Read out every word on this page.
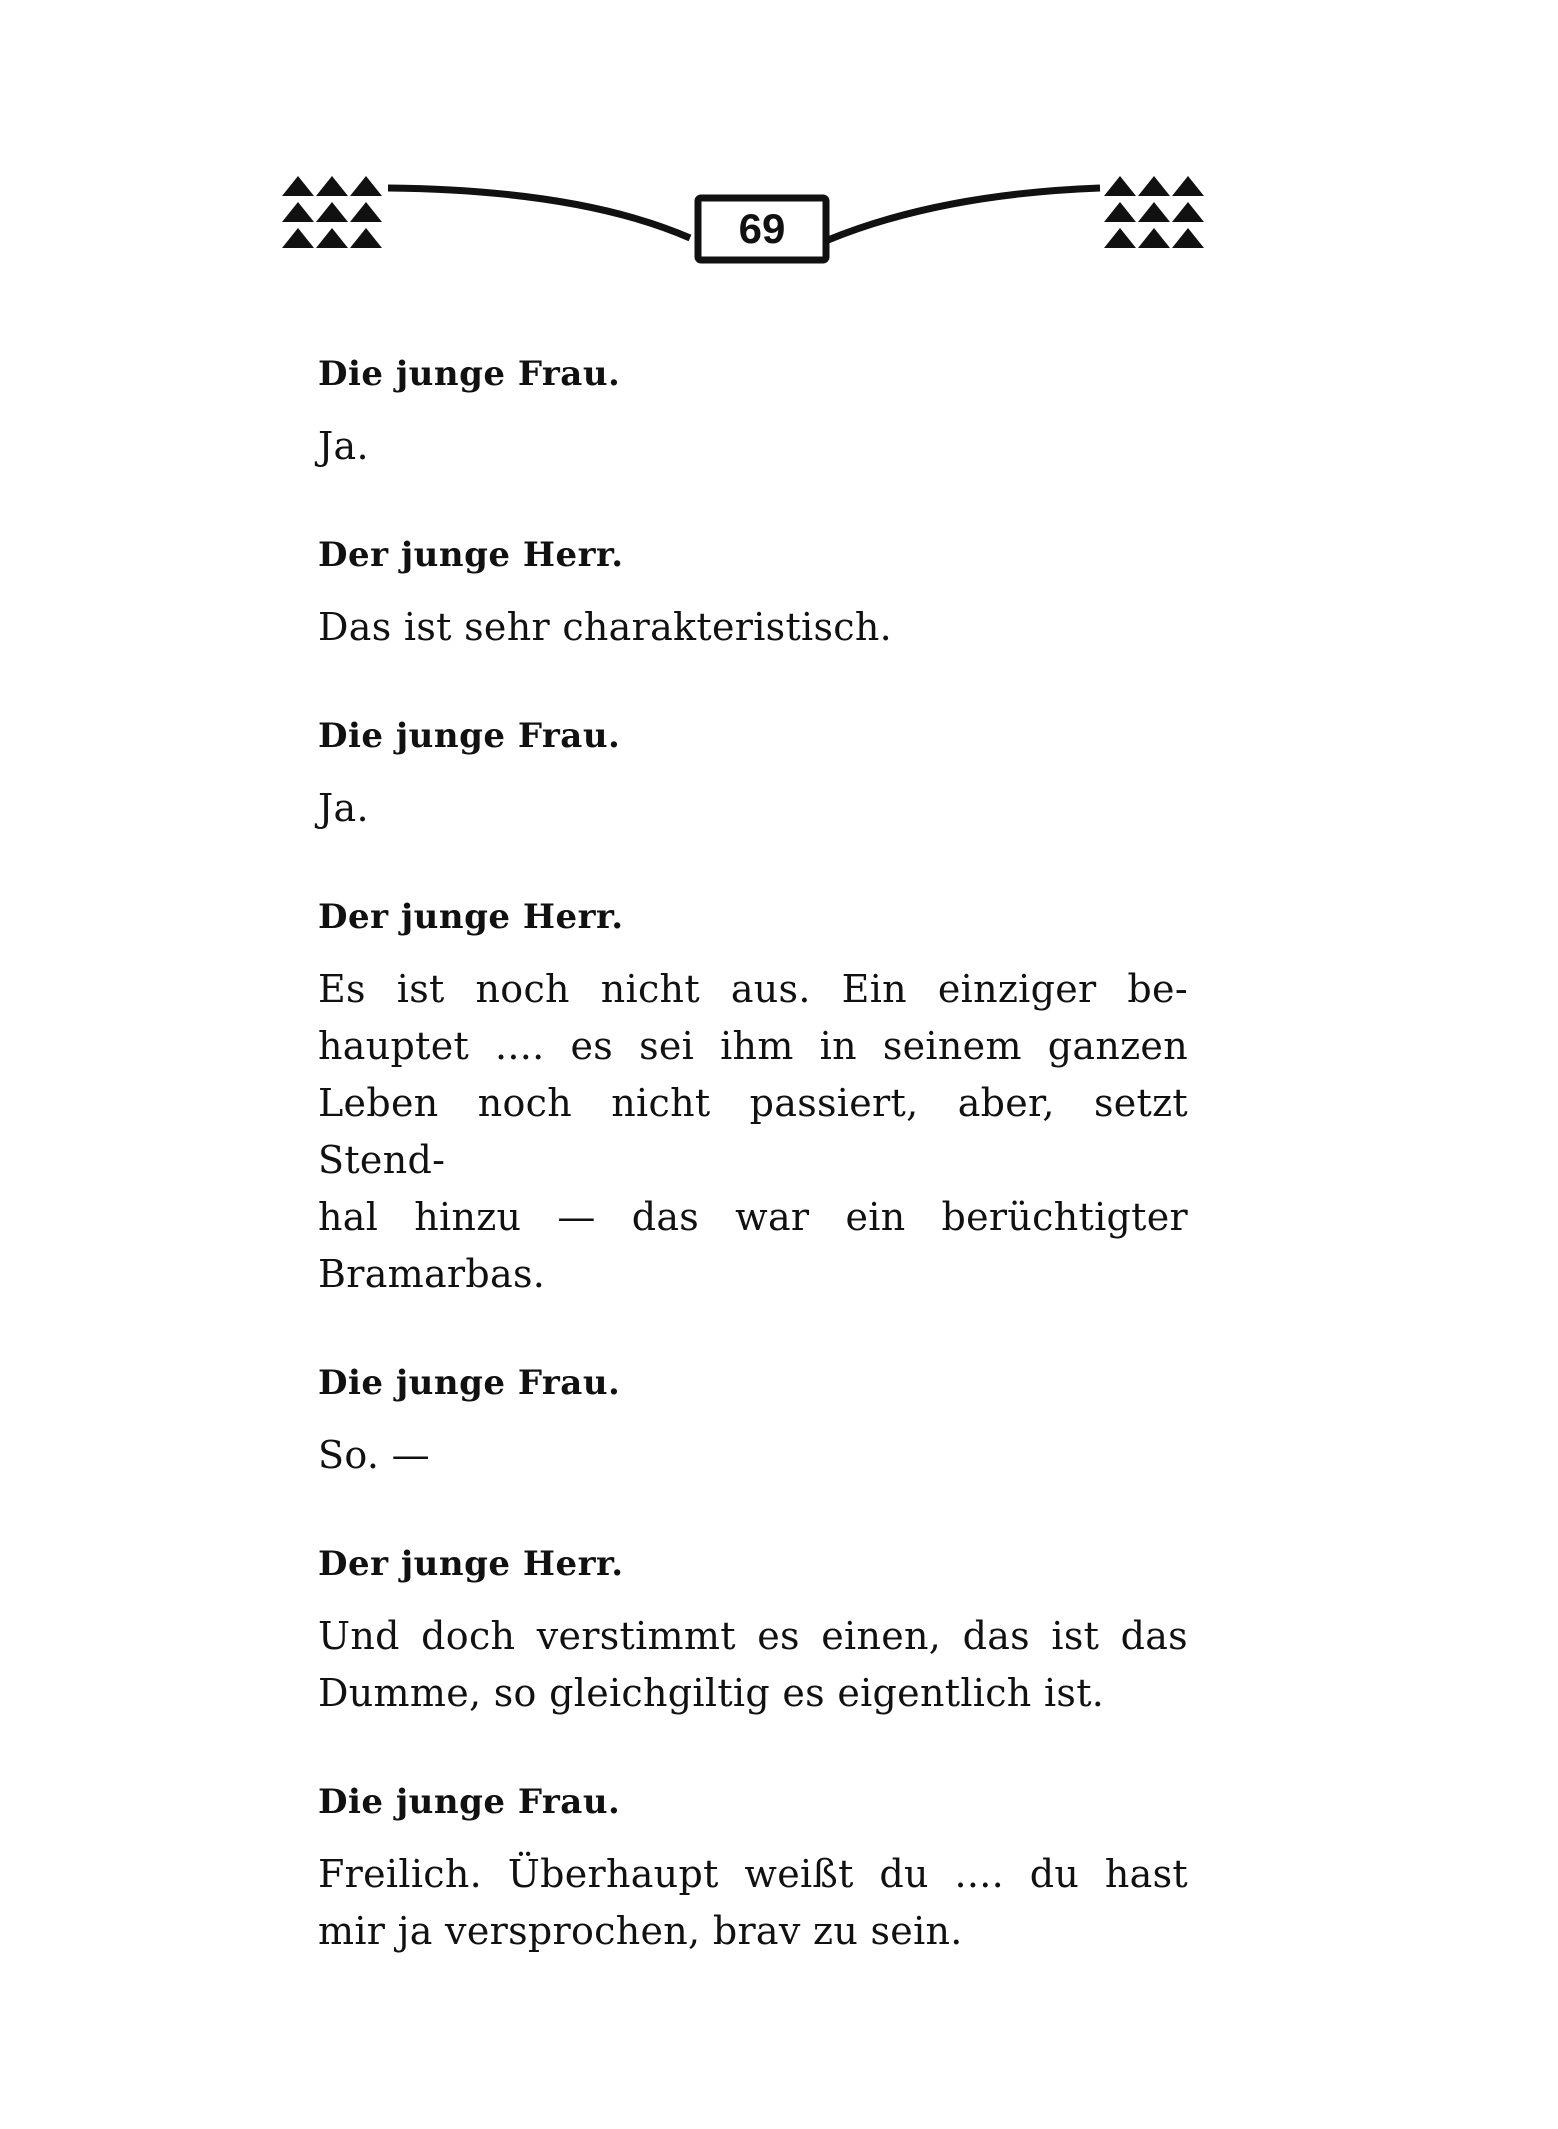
69
Die junge Frau.
Ja.
Der junge Herr.
Das ist sehr charakteristisch.
Die junge Frau.
Ja.
Der junge Herr.
Es ist noch nicht aus. Ein einziger be-
hauptet .... es sei ihm in seinem ganzen
Leben noch nicht passiert, aber, setzt Stend-
hal hinzu — das war ein berüchtigter
Bramarbas.
Die junge Frau.
So. —
Der junge Herr.
Und doch verstimmt es einen, das ist das
Dumme, so gleichgiltig es eigentlich ist.
Die junge Frau.
Freilich. Überhaupt weißt du .... du hast
mir ja versprochen, brav zu sein.
